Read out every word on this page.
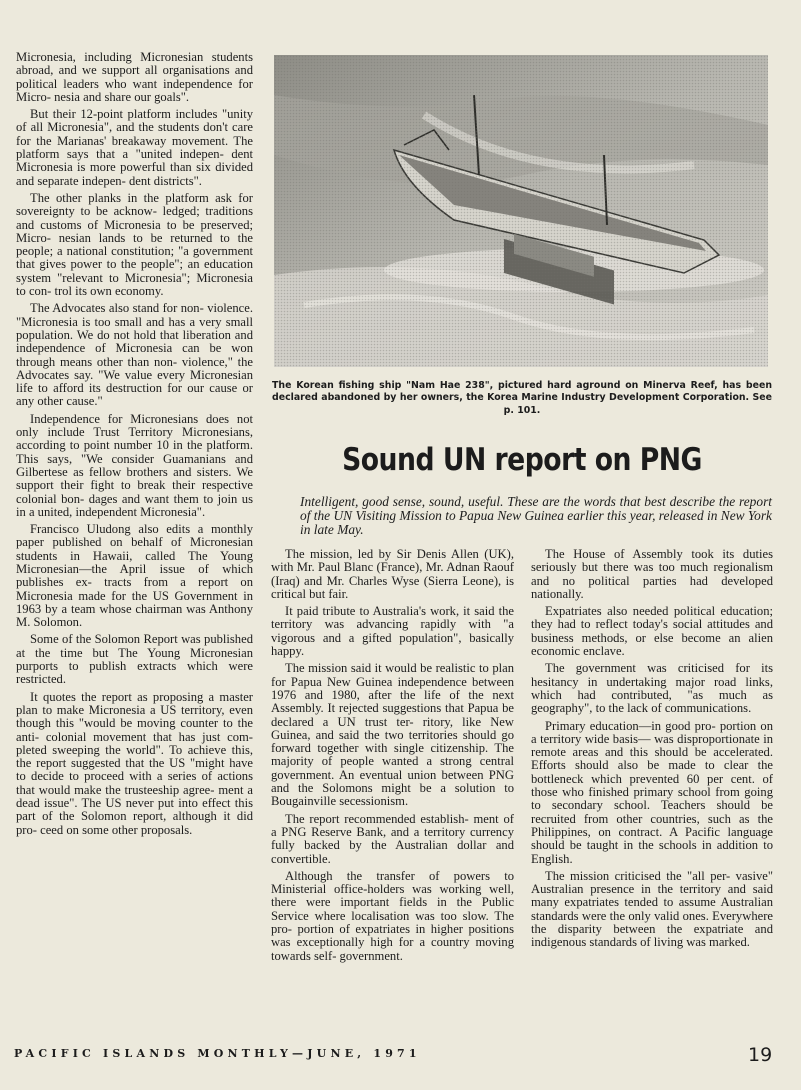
Micronesia, including Micronesian students abroad, and we support all organisations and political leaders who want independence for Micro- nesia and share our goals".

But their 12-point platform includes "unity of all Micronesia", and the students don't care for the Marianas' breakaway movement. The platform says that a "united indepen- dent Micronesia is more powerful than six divided and separate indepen- dent districts".

The other planks in the platform ask for sovereignty to be acknow- ledged; traditions and customs of Micronesia to be preserved; Micro- nesian lands to be returned to the people; a national constitution; "a government that gives power to the people"; an education system "relevant to Micronesia"; Micronesia to con- trol its own economy.

The Advocates also stand for non- violence. "Micronesia is too small and has a very small population. We do not hold that liberation and independence of Micronesia can be won through means other than non- violence," the Advocates say. "We value every Micronesian life to afford its destruction for our cause or any other cause."

Independence for Micronesians does not only include Trust Territory Micronesians, according to point number 10 in the platform. This says, "We consider Guamanians and Gilbertese as fellow brothers and sisters. We support their fight to break their respective colonial bon- dages and want them to join us in a united, independent Micronesia".

Francisco Uludong also edits a monthly paper published on behalf of Micronesian students in Hawaii, called The Young Micronesian—the April issue of which publishes ex- tracts from a report on Micronesia made for the US Government in 1963 by a team whose chairman was Anthony M. Solomon.

Some of the Solomon Report was published at the time but The Young Micronesian purports to publish extracts which were restricted.

It quotes the report as proposing a master plan to make Micronesia a US territory, even though this "would be moving counter to the anti- colonial movement that has just com- pleted sweeping the world". To achieve this, the report suggested that the US "might have to decide to proceed with a series of actions that would make the trusteeship agree- ment a dead issue". The US never put into effect this part of the Solomon report, although it did pro- ceed on some other proposals.

The Korean fishing ship "Nam Hae 238", pictured hard aground on Minerva Reef, has been declared abandoned by her owners, the Korea Marine Industry Development Corporation. See p. 101.
Sound UN report on PNG
Intelligent, good sense, sound, useful. These are the words that best describe the report of the UN Visiting Mission to Papua New Guinea earlier this year, released in New York in late May.

The mission, led by Sir Denis Allen (UK), with Mr. Paul Blanc (France), Mr. Adnan Raouf (Iraq) and Mr. Charles Wyse (Sierra Leone), is critical but fair.

It paid tribute to Australia's work, it said the territory was advancing rapidly with "a vigorous and a gifted population", basically happy.

The mission said it would be realistic to plan for Papua New Guinea independence between 1976 and 1980, after the life of the next Assembly. It rejected suggestions that Papua be declared a UN trust ter- ritory, like New Guinea, and said the two territories should go forward together with single citizenship. The majority of people wanted a strong central government. An eventual union between PNG and the Solomons might be a solution to Bougainville secessionism.

The report recommended establish- ment of a PNG Reserve Bank, and a territory currency fully backed by the Australian dollar and convertible.

Although the transfer of powers to Ministerial office-holders was working well, there were important fields in the Public Service where localisation was too slow. The pro- portion of expatriates in higher positions was exceptionally high for a country moving towards self- government.

The House of Assembly took its duties seriously but there was too much regionalism and no political parties had developed nationally.

Expatriates also needed political education; they had to reflect today's social attitudes and business methods, or else become an alien economic enclave.

The government was criticised for its hesitancy in undertaking major road links, which had contributed, "as much as geography", to the lack of communications.

Primary education—in good pro- portion on a territory wide basis— was disproportionate in remote areas and this should be accelerated. Efforts should also be made to clear the bottleneck which prevented 60 per cent. of those who finished primary school from going to secondary school. Teachers should be recruited from other countries, such as the Philippines, on contract. A Pacific language should be taught in the schools in addition to English.

The mission criticised the "all per- vasive" Australian presence in the territory and said many expatriates tended to assume Australian standards were the only valid ones. Everywhere the disparity between the expatriate and indigenous standards of living was marked.

PACIFIC ISLANDS MONTHLY—JUNE, 1971	19
